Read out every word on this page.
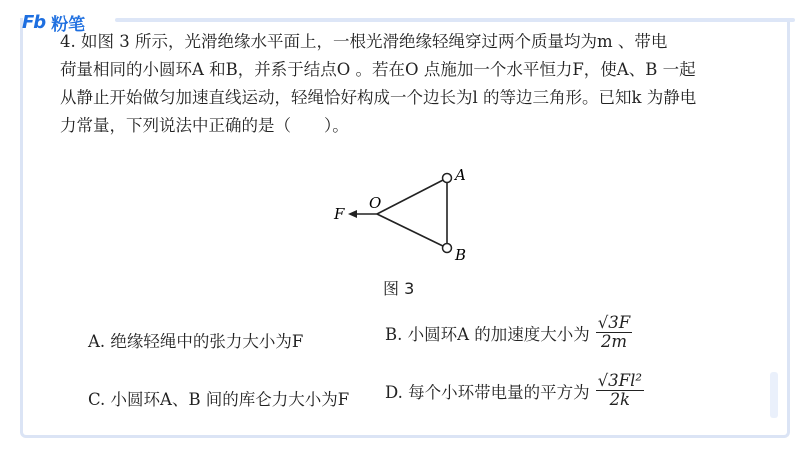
Fb 粉笔

4. 如图 3 所示，光滑绝缘水平面上，一根光滑绝缘轻绳穿过两个质量均为m 、带电

荷量相同的小圆环A 和B，并系于结点O 。若在O 点施加一个水平恒力F，使A、B 一起

从静止开始做匀加速直线运动，轻绳恰好构成一个边长为l 的等边三角形。已知k 为静电

力常量，下列说法中正确的是（　　）。

F
O
A
B
图 3
A. 绝缘轻绳中的张力大小为F	B. 小圆环A 的加速度大小为 $\frac{√3F}{2m}$
C. 小圆环A、B 间的库仑力大小为F D. 每个小环带电量的平方为 $\frac{\text{√3Fl²}}{2k}$
